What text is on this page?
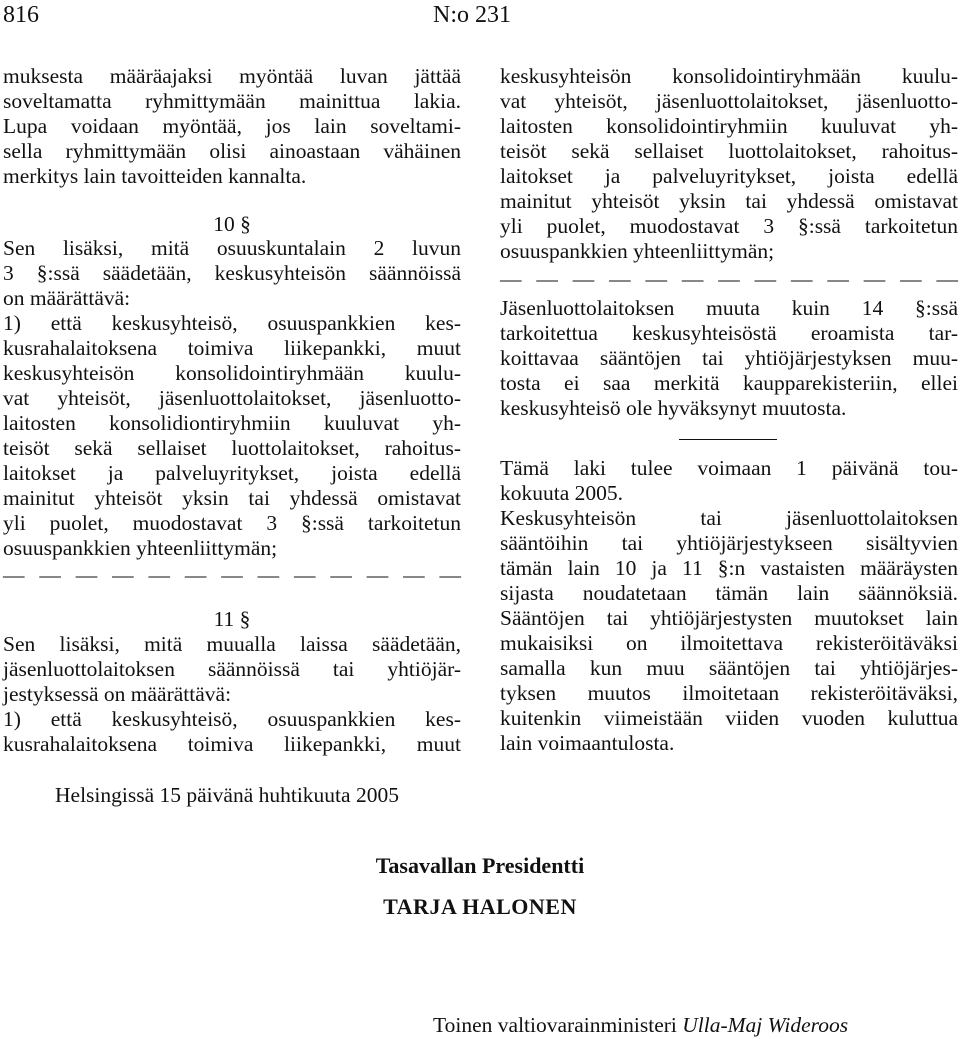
816	N:o 231
muksesta määräajaksi myöntää luvan jättää
soveltamatta ryhmittymään mainittua lakia.
Lupa voidaan myöntää, jos lain soveltami-
sella ryhmittymään olisi ainoastaan vähäinen
merkitys lain tavoitteiden kannalta.
10 §
Sen lisäksi, mitä osuuskuntalain 2 luvun
3 §:ssä säädetään, keskusyhteisön säännöissä
on määrättävä:
1) että keskusyhteisö, osuuspankkien kes-
kusrahalaitoksena toimiva liikepankki, muut
keskusyhteisön konsolidointiryhmään kuulu-
vat yhteisöt, jäsenluottolaitokset, jäsenluotto-
laitosten konsolidiontiryhmiin kuuluvat yh-
teisöt sekä sellaiset luottolaitokset, rahoitus-
laitokset ja palveluyritykset, joista edellä
mainitut yhteisöt yksin tai yhdessä omistavat
yli puolet, muodostavat 3 §:ssä tarkoitetun
osuuspankkien yhteenliittymän;
— — — — — — — — — — — — —
11 §
Sen lisäksi, mitä muualla laissa säädetään,
jäsenluottolaitoksen säännöissä tai yhtiöjär-
jestyksessä on määrättävä:
1) että keskusyhteisö, osuuspankkien kes-
kusrahalaitoksena toimiva liikepankki, muut
keskusyhteisön konsolidointiryhmään kuulu-
vat yhteisöt, jäsenluottolaitokset, jäsenluotto-
laitosten konsolidointiryhmiin kuuluvat yh-
teisöt sekä sellaiset luottolaitokset, rahoitus-
laitokset ja palveluyritykset, joista edellä
mainitut yhteisöt yksin tai yhdessä omistavat
yli puolet, muodostavat 3 §:ssä tarkoitetun
osuuspankkien yhteenliittymän;
— — — — — — — — — — — — —
Jäsenluottolaitoksen muuta kuin 14 §:ssä
tarkoitettua keskusyhteisöstä eroamista tar-
koittavaa sääntöjen tai yhtiöjärjestyksen muu-
tosta ei saa merkitä kaupparekisteriin, ellei
keskusyhteisö ole hyväksynyt muutosta.
Tämä laki tulee voimaan 1 päivänä tou-
kokuuta 2005.
Keskusyhteisön tai jäsenluottolaitoksen
sääntöihin tai yhtiöjärjestykseen sisältyvien
tämän lain 10 ja 11 §:n vastaisten määräysten
sijasta noudatetaan tämän lain säännöksiä.
Sääntöjen tai yhtiöjärjestysten muutokset lain
mukaisiksi on ilmoitettava rekisteröitäväksi
samalla kun muu sääntöjen tai yhtiöjärjes-
tyksen muutos ilmoitetaan rekisteröitäväksi,
kuitenkin viimeistään viiden vuoden kuluttua
lain voimaantulosta.
Helsingissä 15 päivänä huhtikuuta 2005
Tasavallan Presidentti
TARJA HALONEN
Toinen valtiovarainministeri Ulla-Maj Wideroos
